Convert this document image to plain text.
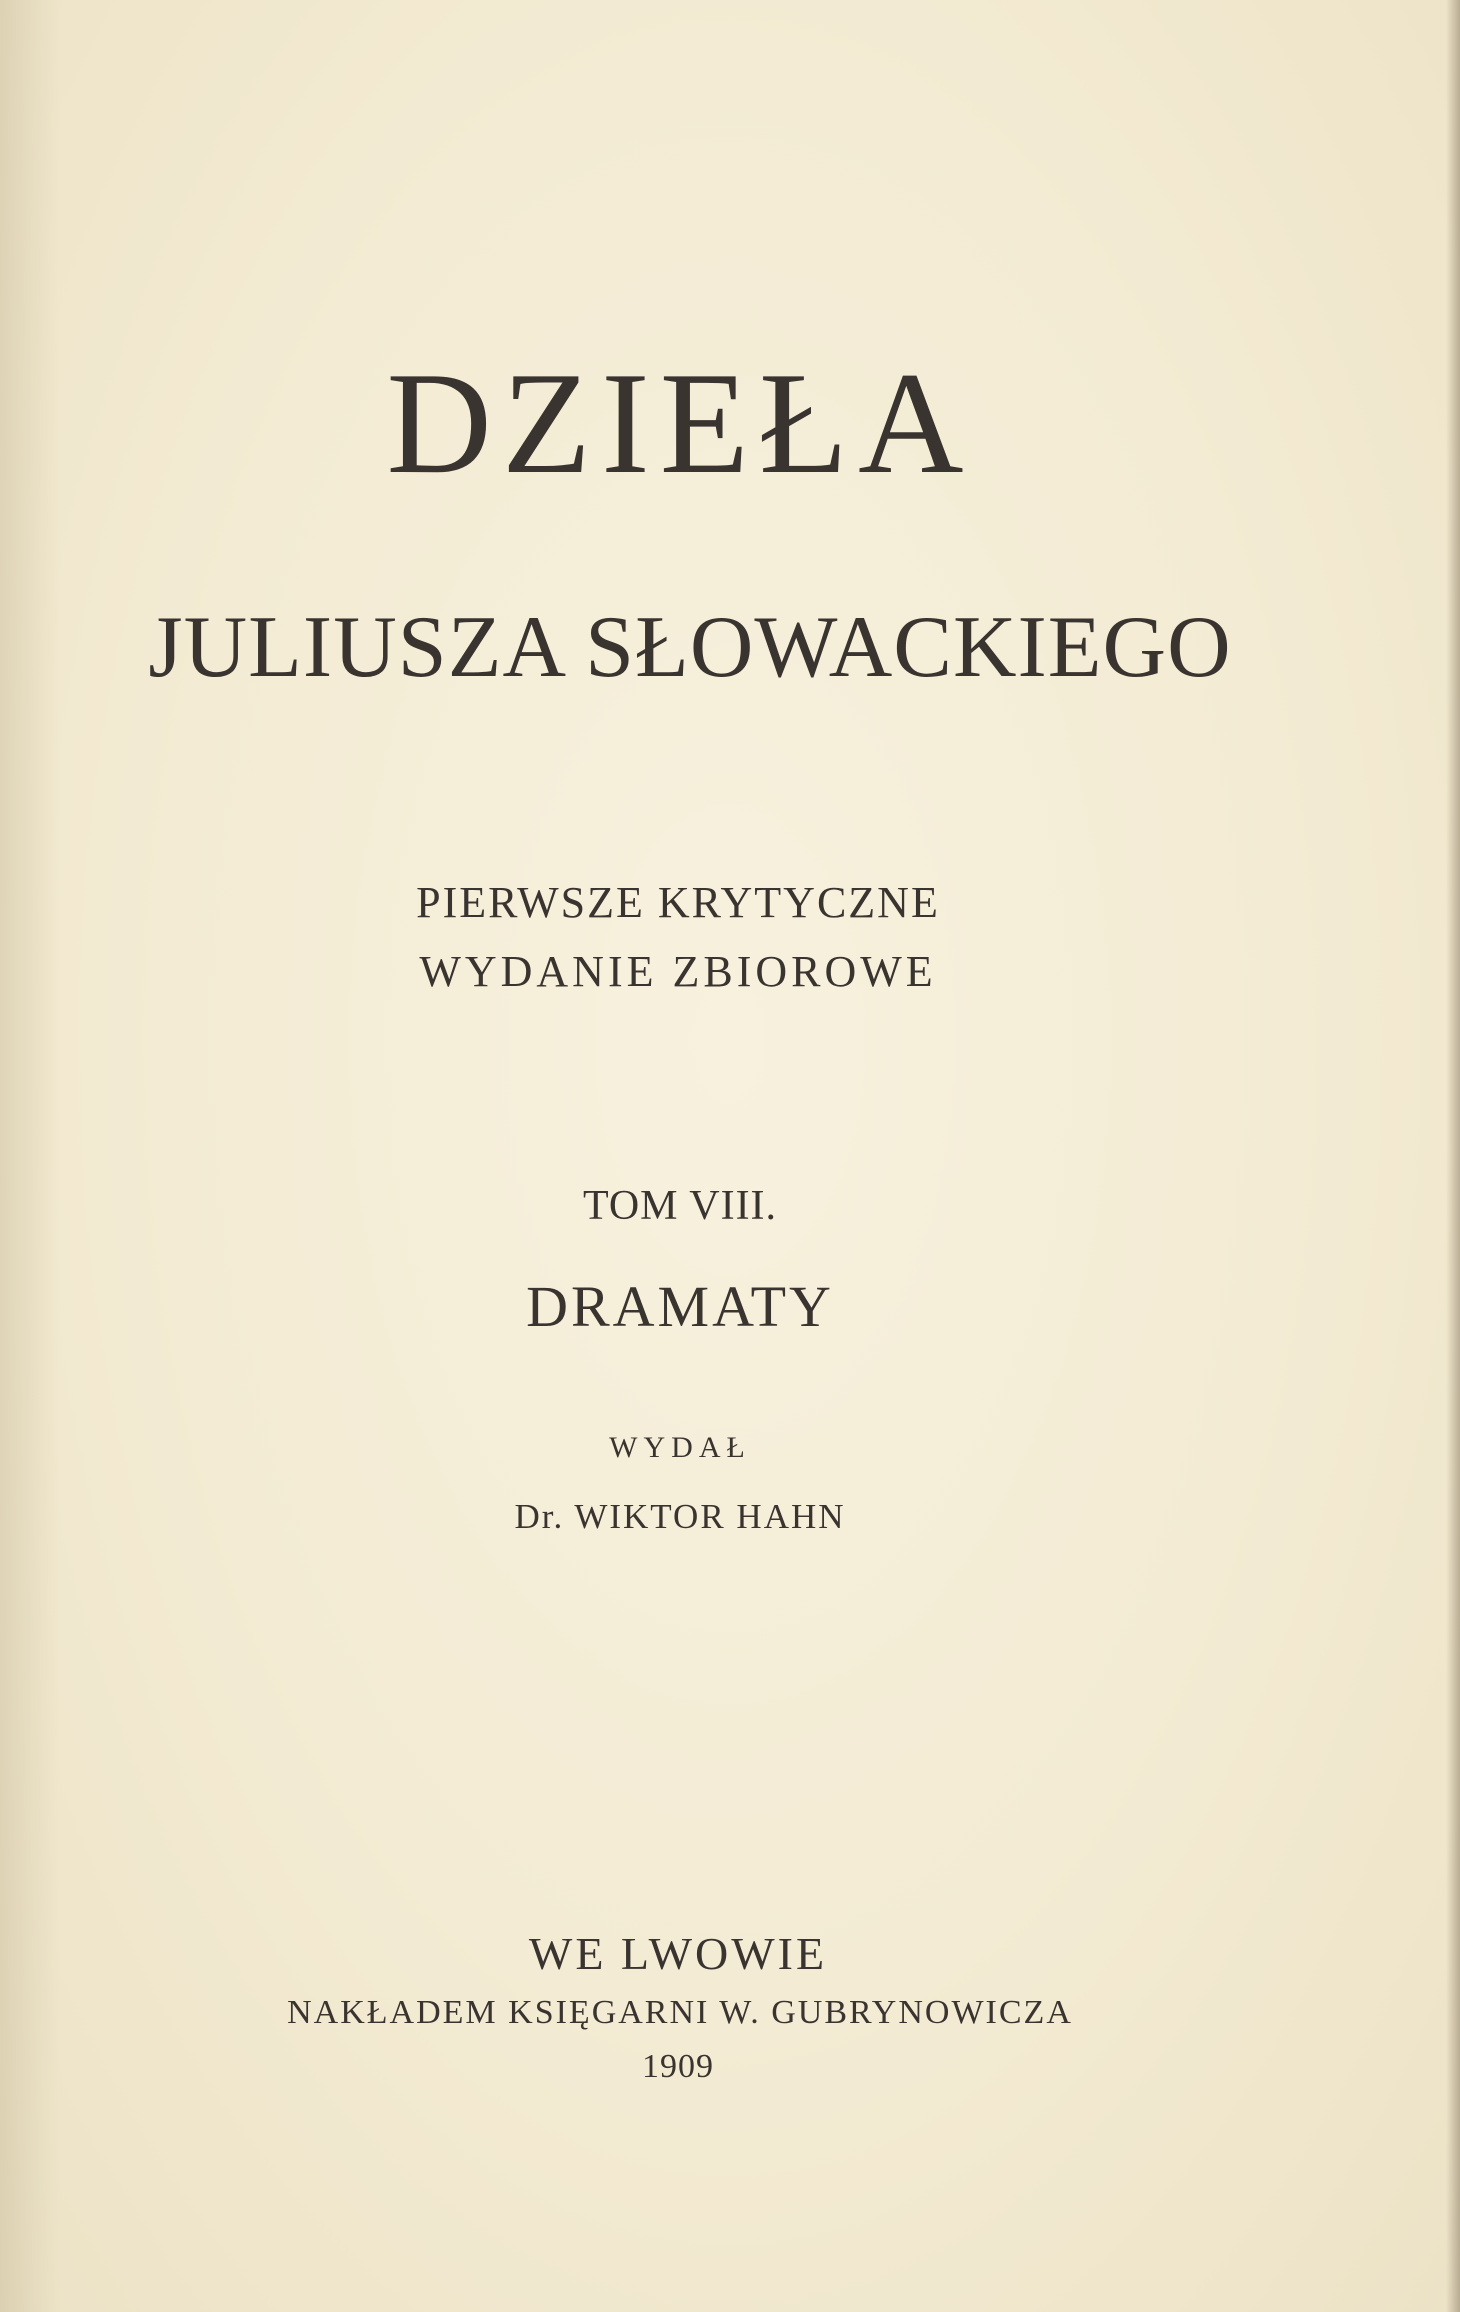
DZIEŁA
JULIUSZA SŁOWACKIEGO

PIERWSZE KRYTYCZNE

WYDANIE ZBIOROWE

TOM VIII.

DRAMATY

WYDAŁ

Dr. WIKTOR HAHN

WE LWOWIE

NAKŁADEM KSIĘGARNI W. GUBRYNOWICZA

1909
